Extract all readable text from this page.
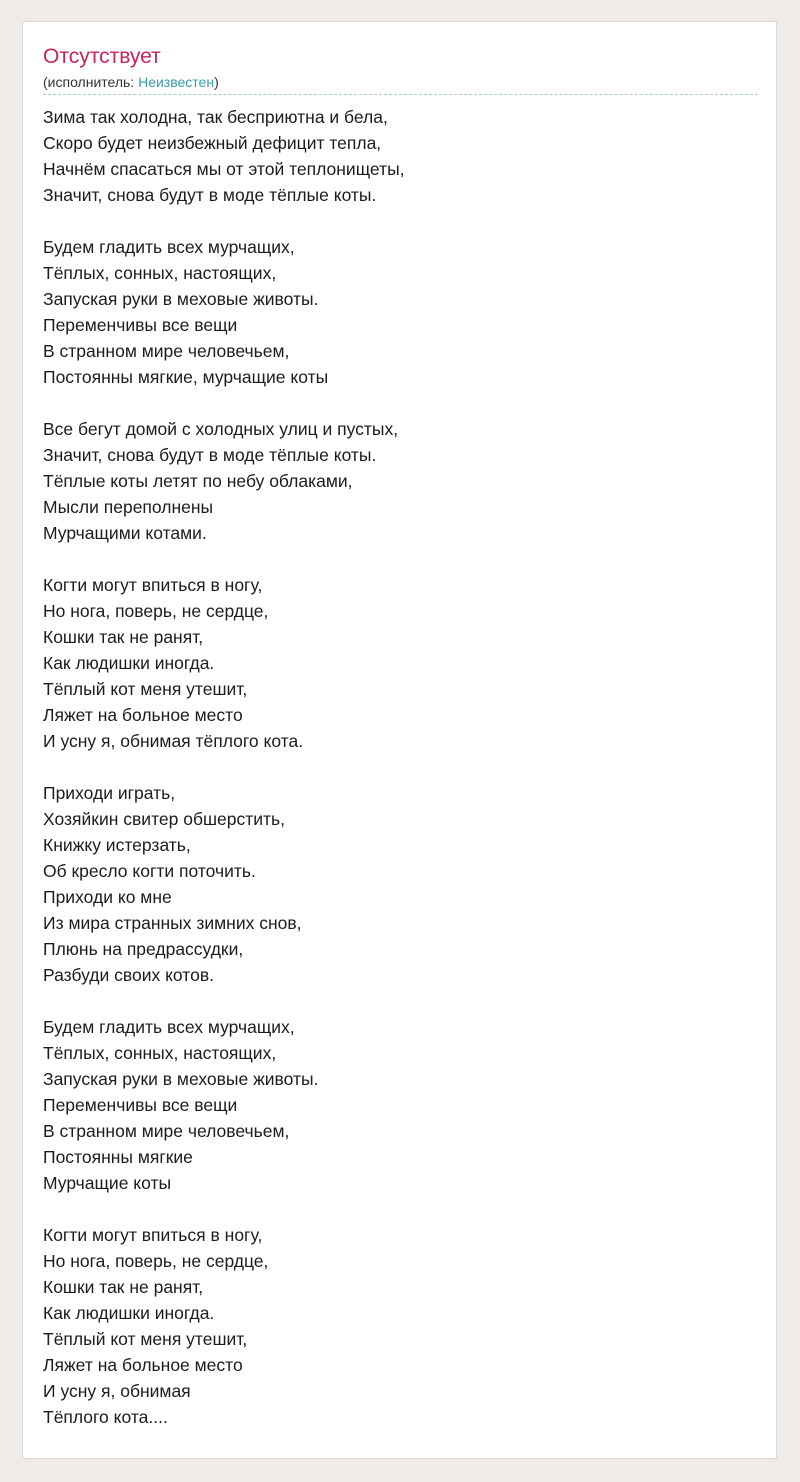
Отсутствует
(исполнитель: Неизвестен)
Зима так холодна, так бесприютна и бела,
Скоро будет неизбежный дефицит тепла,
Начнём спасаться мы от этой теплонищеты,
Значит, снова будут в моде тёплые коты.
Будем гладить всех мурчащих,
Тёплых, сонных, настоящих,
Запуская руки в меховые животы.
Переменчивы все вещи
В странном мире человечьем,
Постоянны мягкие, мурчащие коты
Все бегут домой с холодных улиц и пустых,
Значит, снова будут в моде тёплые коты.
Тёплые коты летят по небу облаками,
Мысли переполнены
Мурчащими котами.
Когти могут впиться в ногу,
Но нога, поверь, не сердце,
Кошки так не ранят,
Как людишки иногда.
Тёплый кот меня утешит,
Ляжет на больное место
И усну я, обнимая тёплого кота.
Приходи играть,
Хозяйкин свитер обшерстить,
Книжку истерзать,
Об кресло когти поточить.
Приходи ко мне
Из мира странных зимних снов,
Плюнь на предрассудки,
Разбуди своих котов.
Будем гладить всех мурчащих,
Тёплых, сонных, настоящих,
Запуская руки в меховые животы.
Переменчивы все вещи
В странном мире человечьем,
Постоянны мягкие
Мурчащие коты
Когти могут впиться в ногу,
Но нога, поверь, не сердце,
Кошки так не ранят,
Как людишки иногда.
Тёплый кот меня утешит,
Ляжет на больное место
И усну я, обнимая
Тёплого кота....
